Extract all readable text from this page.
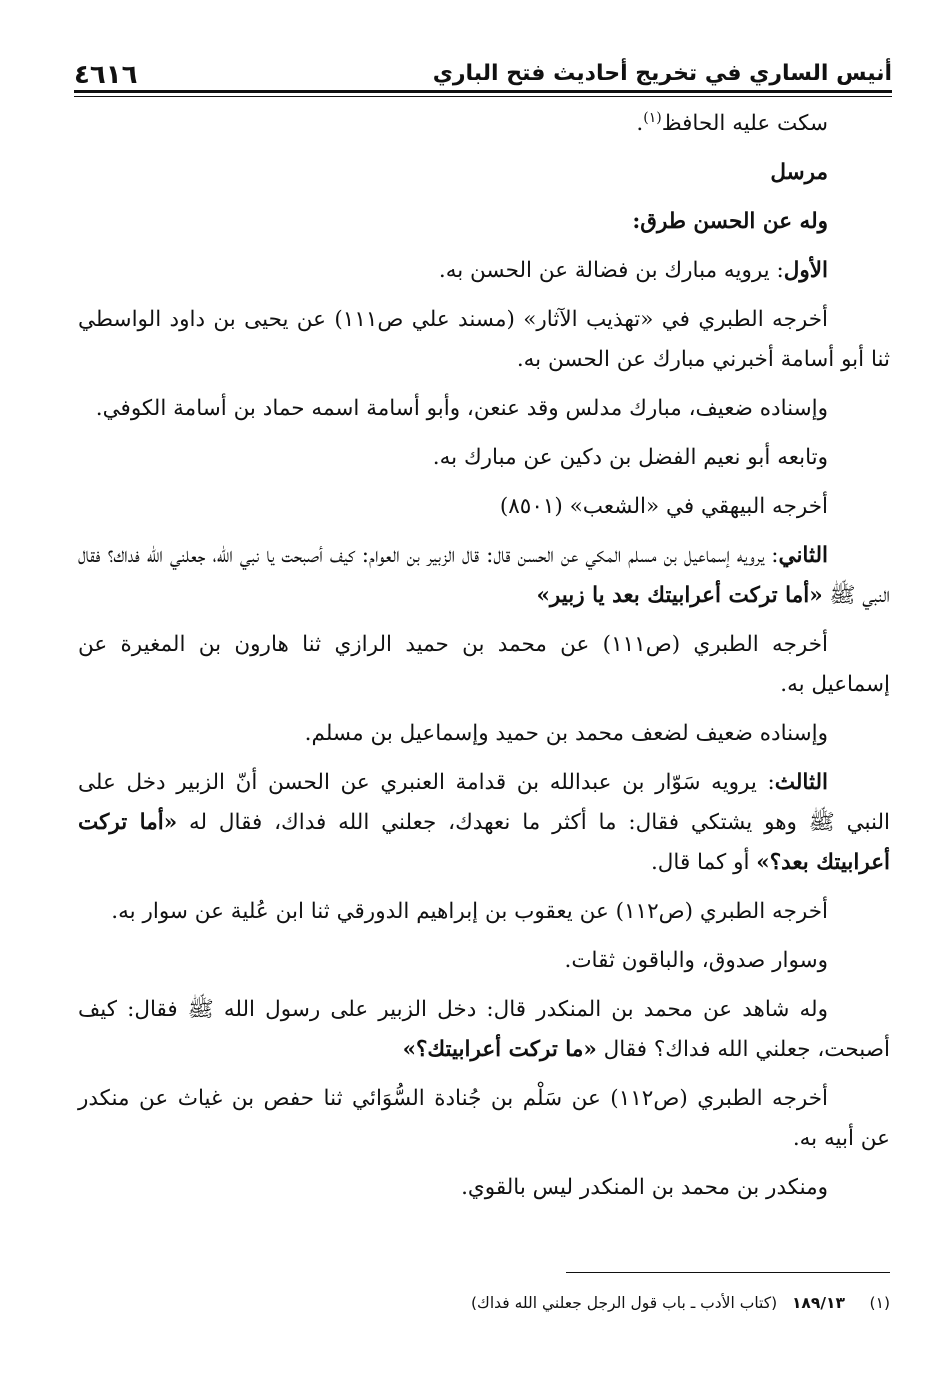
أنيس الساري في تخريج أحاديث فتح الباري
٤٦١٦

سكت عليه الحافظ$^{(١)}$.

مرسل

وله عن الحسن طرق:

الأول: يرويه مبارك بن فضالة عن الحسن به.

أخرجه الطبري في «تهذيب الآثار» (مسند علي ص١١١) عن يحيى بن داود الواسطي ثنا أبو أسامة أخبرني مبارك عن الحسن به.

وإسناده ضعيف، مبارك مدلس وقد عنعن، وأبو أسامة اسمه حماد بن أسامة الكوفي.

وتابعه أبو نعيم الفضل بن دكين عن مبارك به.

أخرجه البيهقي في «الشعب» (٨٥٠١)

الثاني: يرويه إسماعيل بن مسلم المكي عن الحسن قال: قال الزبير بن العوام: كيف أصبحت يا نبي الله، جعلني الله فداك؟ فقال النبي ﷺ «أما تركت أعرابيتك بعد يا زبير»

أخرجه الطبري (ص١١١) عن محمد بن حميد الرازي ثنا هارون بن المغيرة عن إسماعيل به.

وإسناده ضعيف لضعف محمد بن حميد وإسماعيل بن مسلم.

الثالث: يرويه سَوّار بن عبدالله بن قدامة العنبري عن الحسن أنّ الزبير دخل على النبي ﷺ وهو يشتكي فقال: ما أكثر ما نعهدك، جعلني الله فداك، فقال له «أما تركت أعرابيتك بعد؟» أو كما قال.

أخرجه الطبري (ص١١٢) عن يعقوب بن إبراهيم الدورقي ثنا ابن عُلية عن سوار به.

وسوار صدوق، والباقون ثقات.

وله شاهد عن محمد بن المنكدر قال: دخل الزبير على رسول الله ﷺ فقال: كيف أصبحت، جعلني الله فداك؟ فقال «ما تركت أعرابيتك؟»

أخرجه الطبري (ص١١٢) عن سَلْم بن جُنادة السُّوَائي ثنا حفص بن غياث عن منكدر عن أبيه به.

ومنكدر بن محمد بن المنكدر ليس بالقوي.

(١)     ١٨٩/١٣   (كتاب الأدب ـ باب قول الرجل جعلني الله فداك)
